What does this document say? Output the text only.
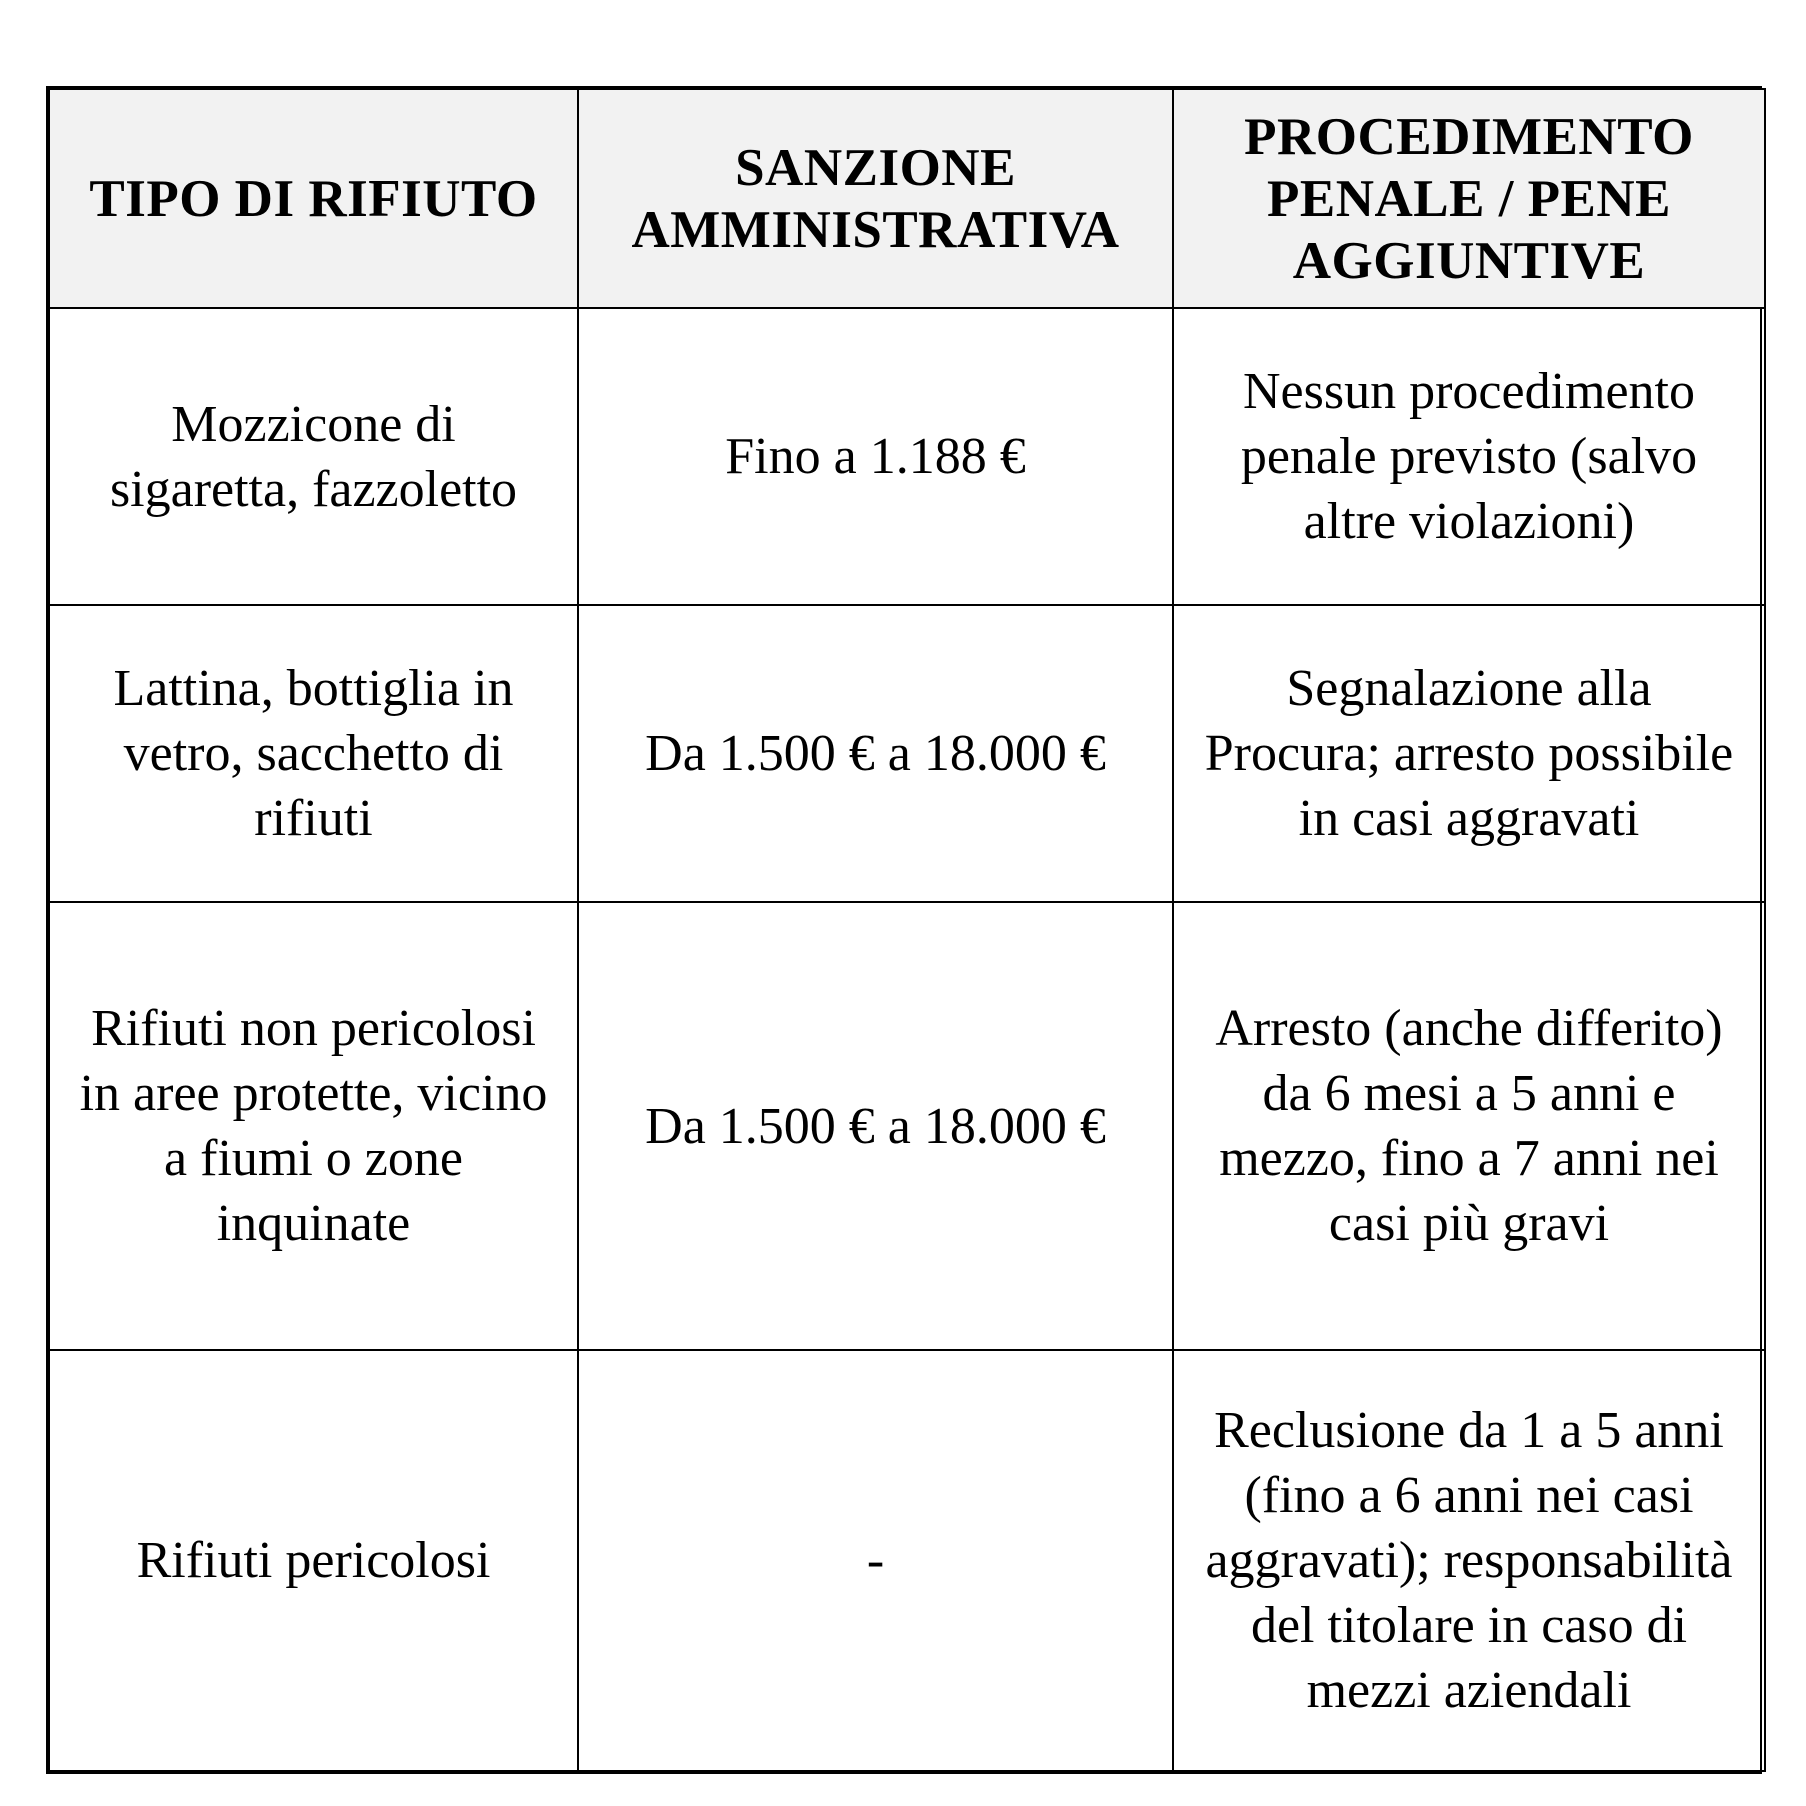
TIPO DI RIFIUTO	SANZIONE AMMINISTRATIVA	PROCEDIMENTO PENALE / PENE AGGIUNTIVE
Mozzicone di sigaretta, fazzoletto	Fino a 1.188 €	Nessun procedimento penale previsto (salvo altre violazioni)
Lattina, bottiglia in vetro, sacchetto di rifiuti	Da 1.500 € a 18.000 €	Segnalazione alla Procura; arresto possibile in casi aggravati
Rifiuti non pericolosi in aree protette, vicino a fiumi o zone inquinate	Da 1.500 € a 18.000 €	Arresto (anche differito) da 6 mesi a 5 anni e mezzo, fino a 7 anni nei casi più gravi
Rifiuti pericolosi	-	Reclusione da 1 a 5 anni (fino a 6 anni nei casi aggravati); responsabilità del titolare in caso di mezzi aziendali
